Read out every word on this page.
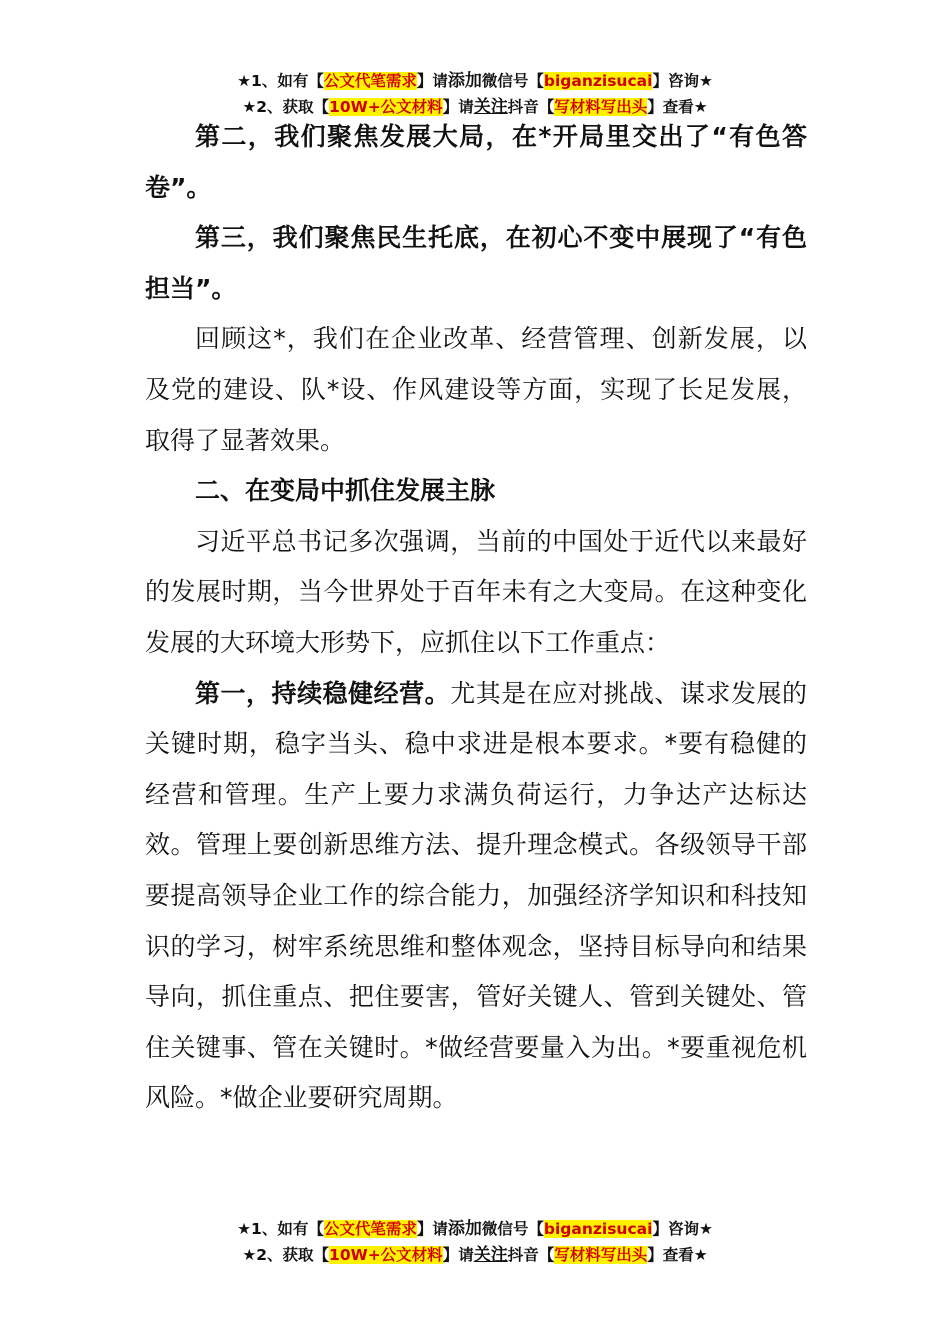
★1、如有【公文代笔需求】请添加微信号【biganzisucai】咨询★
★2、获取【10W+公文材料】请关注抖音【写材料写出头】查看★

第二，我们聚焦发展大局，在*开局里交出了“有色答卷”。

第三，我们聚焦民生托底，在初心不变中展现了“有色担当”。

回顾这*，我们在企业改革、经营管理、创新发展，以及党的建设、队*设、作风建设等方面，实现了长足发展，取得了显著效果。

二、在变局中抓住发展主脉

习近平总书记多次强调，当前的中国处于近代以来最好的发展时期，当今世界处于百年未有之大变局。在这种变化发展的大环境大形势下，应抓住以下工作重点：

第一，持续稳健经营。尤其是在应对挑战、谋求发展的关键时期，稳字当头、稳中求进是根本要求。*要有稳健的经营和管理。生产上要力求满负荷运行，力争达产达标达效。管理上要创新思维方法、提升理念模式。各级领导干部要提高领导企业工作的综合能力，加强经济学知识和科技知识的学习，树牢系统思维和整体观念，坚持目标导向和结果导向，抓住重点、把住要害，管好关键人、管到关键处、管住关键事、管在关键时。*做经营要量入为出。*要重视危机风险。*做企业要研究周期。

★1、如有【公文代笔需求】请添加微信号【biganzisucai】咨询★
★2、获取【10W+公文材料】请关注抖音【写材料写出头】查看★
